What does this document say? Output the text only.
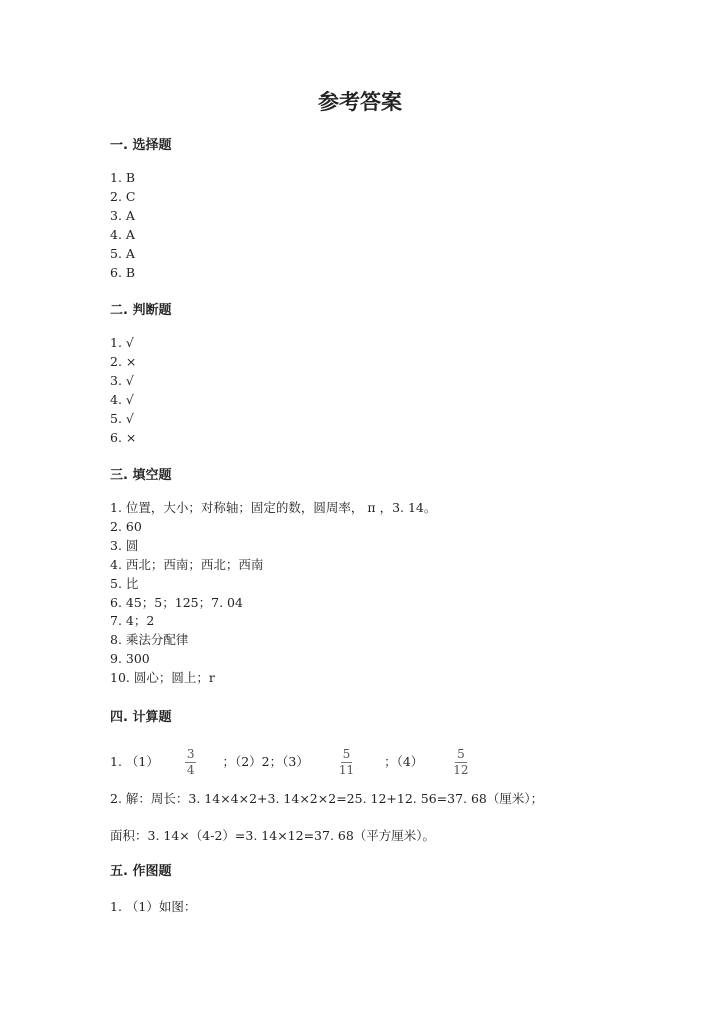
参考答案
一. 选择题
1. B
2. C
3. A
4. A
5. A
6. B
二. 判断题
1. √
2. ×
3. √
4. √
5. √
6. ×
三. 填空题
1. 位置，大小；对称轴；固定的数，圆周率， π ，3. 14。
2. 60
3. 圆
4. 西北；西南；西北；西南
5. 比
6. 45；5；125；7. 04
7. 4；2
8. 乘法分配律
9. 300
10. 圆心；圆上；r
四. 计算题
1. $(1) \frac{3}{4}$ ；（2）2；$(3) \frac{5}{11}$ ；$(4) \frac{5}{12}$
2. 解：周长：3. 14×4×2+3. 14×2×2=25. 12+12. 56=37. 68（厘米）；
面积：3. 14×（4-2）=3. 14×12=37. 68（平方厘米）。
五. 作图题
1. （1）如图：
